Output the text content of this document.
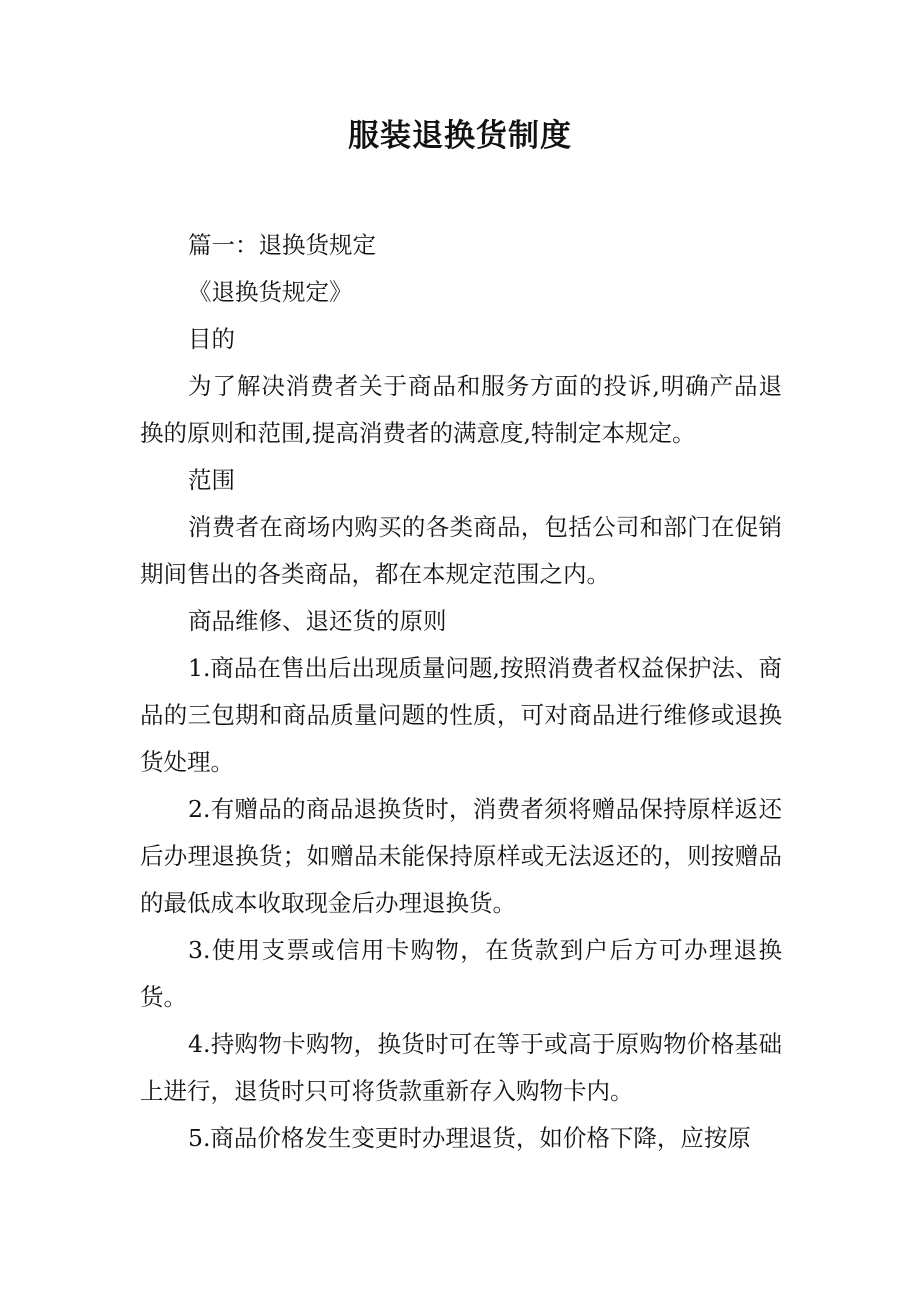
服装退换货制度

篇一：退换货规定

《退换货规定》

目的

为了解决消费者关于商品和服务方面的投诉,明确产品退换的原则和范围,提高消费者的满意度,特制定本规定。

范围

消费者在商场内购买的各类商品，包括公司和部门在促销期间售出的各类商品，都在本规定范围之内。

商品维修、退还货的原则

1.商品在售出后出现质量问题,按照消费者权益保护法、商品的三包期和商品质量问题的性质，可对商品进行维修或退换货处理。

2.有赠品的商品退换货时，消费者须将赠品保持原样返还后办理退换货；如赠品未能保持原样或无法返还的，则按赠品的最低成本收取现金后办理退换货。

3.使用支票或信用卡购物，在货款到户后方可办理退换货。

4.持购物卡购物，换货时可在等于或高于原购物价格基础上进行，退货时只可将货款重新存入购物卡内。

5.商品价格发生变更时办理退货，如价格下降，应按原
